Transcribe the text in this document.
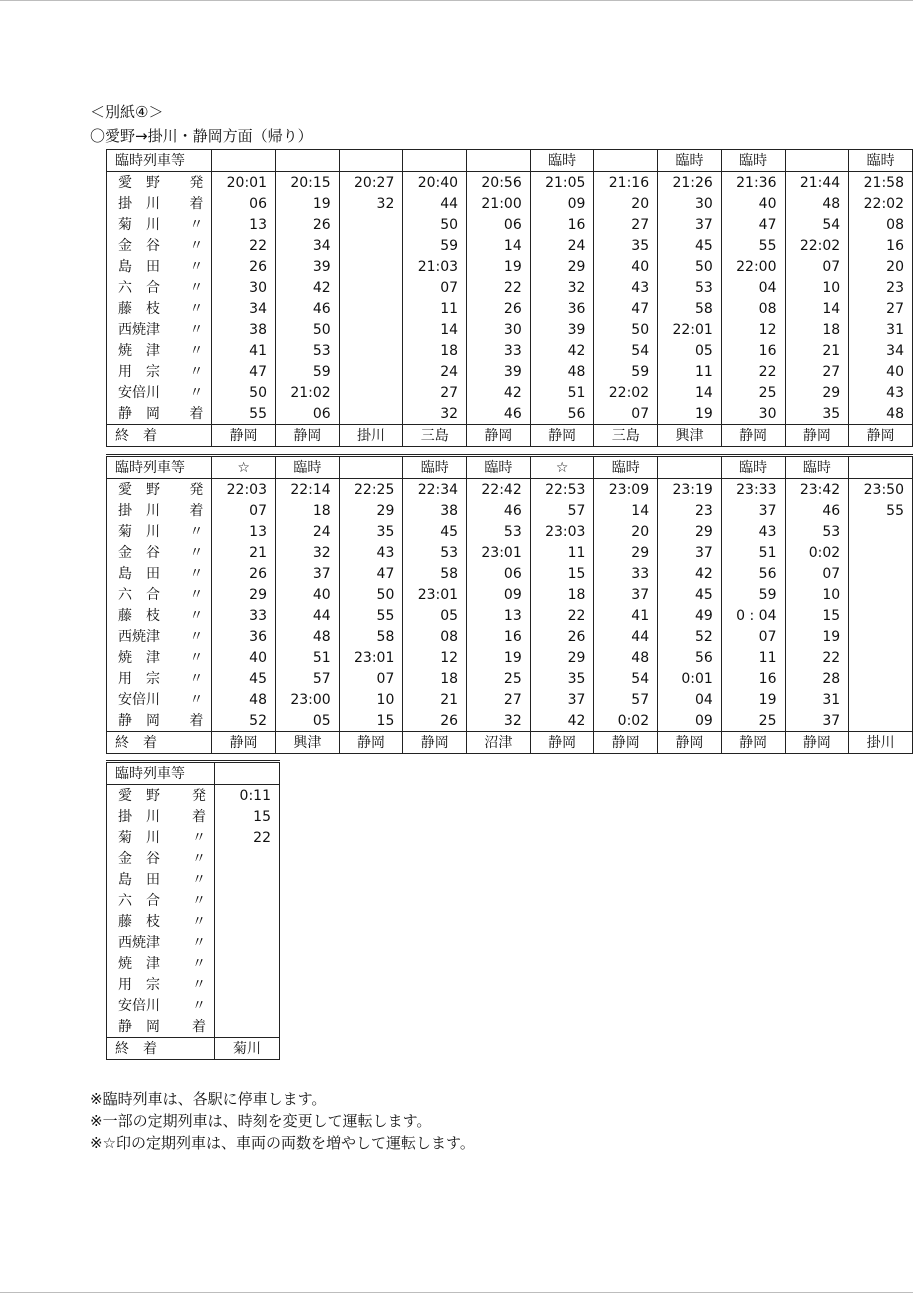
＜別紙④＞
〇愛野→掛川・静岡方面（帰り）
臨時列車等						臨時		臨時	臨時		臨時

愛　野 発	20:01	20:15	20:27	20:40	20:56	21:05	21:16	21:26	21:36	21:44	21:58

掛　川 着	06	19	32	44	21:00	09	20	30	40	48	22:02

菊　川 〃	13	26		50	06	16	27	37	47	54	08

金　谷 〃	22	34		59	14	24	35	45	55	22:02	16

島　田 〃	26	39		21:03	19	29	40	50	22:00	07	20

六　合 〃	30	42		07	22	32	43	53	04	10	23

藤　枝 〃	34	46		11	26	36	47	58	08	14	27

西焼津 〃	38	50		14	30	39	50	22:01	12	18	31

焼　津 〃	41	53		18	33	42	54	05	16	21	34

用　宗 〃	47	59		24	39	48	59	11	22	27	40

安倍川 〃	50	21:02		27	42	51	22:02	14	25	29	43

静　岡 着	55	06		32	46	56	07	19	30	35	48
終　着	静岡	静岡	掛川	三島	静岡	静岡	三島	興津	静岡	静岡	静岡
臨時列車等	☆	臨時		臨時	臨時	☆	臨時		臨時	臨時	

愛　野 発	22:03	22:14	22:25	22:34	22:42	22:53	23:09	23:19	23:33	23:42	23:50

掛　川 着	07	18	29	38	46	57	14	23	37	46	55

菊　川 〃	13	24	35	45	53	23:03	20	29	43	53	

金　谷 〃	21	32	43	53	23:01	11	29	37	51	0:02	

島　田 〃	26	37	47	58	06	15	33	42	56	07	

六　合 〃	29	40	50	23:01	09	18	37	45	59	10	

藤　枝 〃	33	44	55	05	13	22	41	49	0 : 04	15	

西焼津 〃	36	48	58	08	16	26	44	52	07	19	

焼　津 〃	40	51	23:01	12	19	29	48	56	11	22	

用　宗 〃	45	57	07	18	25	35	54	0:01	16	28	

安倍川 〃	48	23:00	10	21	27	37	57	04	19	31	

静　岡 着	52	05	15	26	32	42	0:02	09	25	37	
終　着	静岡	興津	静岡	静岡	沼津	静岡	静岡	静岡	静岡	静岡	掛川
臨時列車等	

愛　野 発	0:11

掛　川 着	15

菊　川 〃	22

金　谷 〃	

島　田 〃	

六　合 〃	

藤　枝 〃	

西焼津 〃	

焼　津 〃	

用　宗 〃	

安倍川 〃	

静　岡 着	

終　着	菊川
※臨時列車は、各駅に停車します。
※一部の定期列車は、時刻を変更して運転します。
※☆印の定期列車は、車両の両数を増やして運転します。
